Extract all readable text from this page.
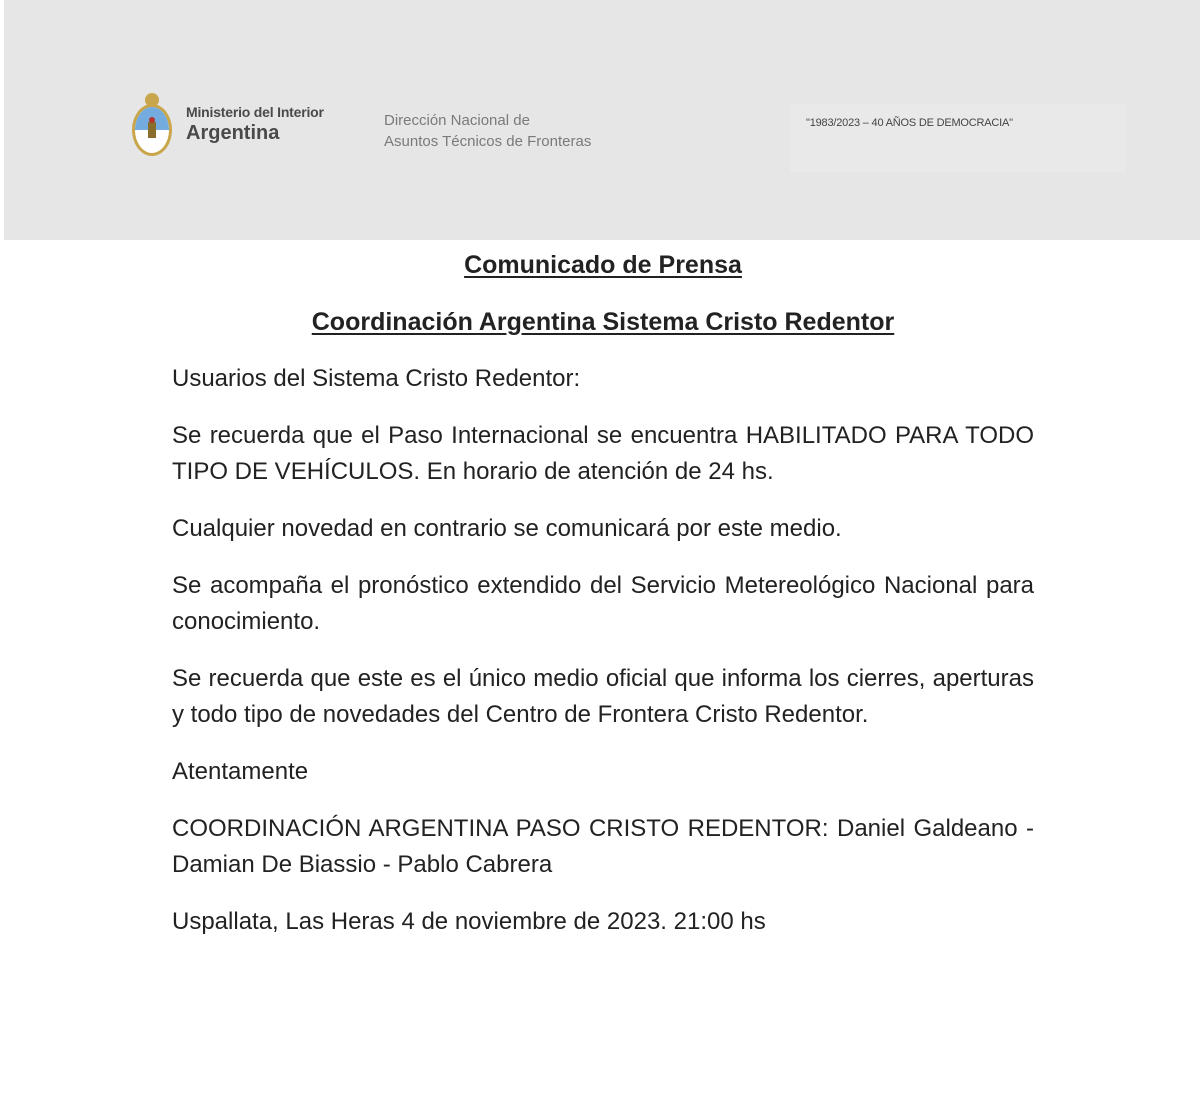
Ministerio del Interior
Argentina
Dirección Nacional de
Asuntos Técnicos de Fronteras
"1983/2023 – 40 AÑOS DE DEMOCRACIA"

Comunicado de Prensa

Coordinación Argentina Sistema Cristo Redentor

Usuarios del Sistema Cristo Redentor:

Se recuerda que el Paso Internacional se encuentra HABILITADO PARA TODO TIPO DE VEHÍCULOS. En horario de atención de 24 hs.

Cualquier novedad en contrario se comunicará por este medio.

Se acompaña el pronóstico extendido del Servicio Metereológico Nacional para conocimiento.

Se recuerda que este es el único medio oficial que informa los cierres, aperturas y todo tipo de novedades del Centro de Frontera Cristo Redentor.

Atentamente

COORDINACIÓN ARGENTINA PASO CRISTO REDENTOR: Daniel Galdeano - Damian De Biassio - Pablo Cabrera

Uspallata, Las Heras 4 de noviembre de 2023. 21:00 hs
